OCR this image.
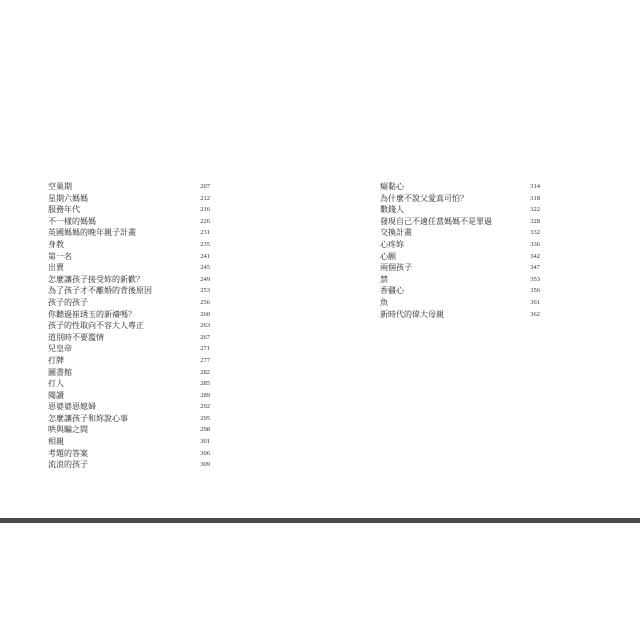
空巢期	207
星期六媽媽	212
服務年代	216
不一樣的媽媽	226
英國媽媽的晚年親子計畫	231
身教	235
第一名	241
出賣	245
怎麼讓孩子接受妳的新歡？	249
為了孩子才不離婚的背後原因	253
孩子的孩子	256
你聽過崔琇玉的新禱嗎？	260
孩子的性取向不容大人專正	263
道別時不要濫情	267
兒皇帝	271
打牌	277
圖書館	282
打人	285
閱讀	289
惡婆婆惡媳婦	292
怎麼讓孩子和妳說心事	295
哄與騙之間	298
相親	301
考題的答案	306
流浪的孩子	309
癡黏心	314
為什麼不說父愛真可怕？	318
數錢人	322
發現自己不適任當媽媽不是罪過	328
交換計畫	332
心疼妳	336
心願	342
兩個孩子	347
禁	353
香疆心	356
魚	361
新時代的偉大母親	362
